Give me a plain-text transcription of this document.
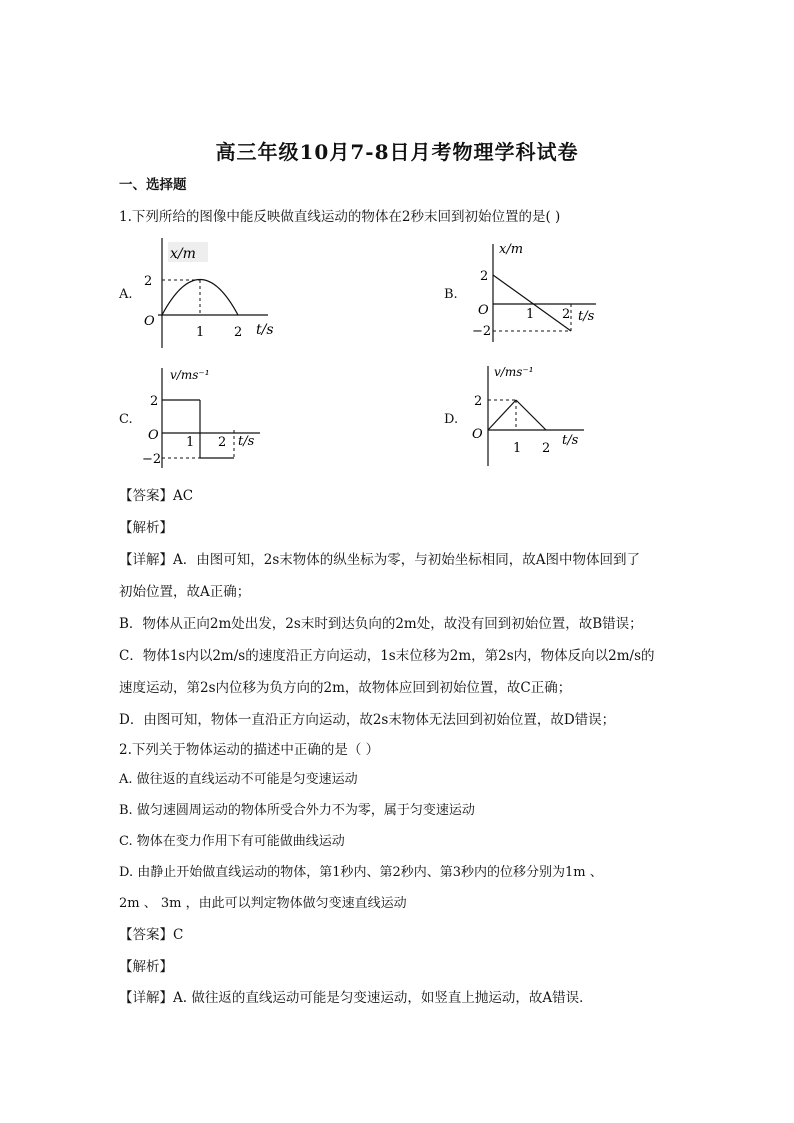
高三年级10月7-8日月考物理学科试卷
一、选择题
1.下列所给的图像中能反映做直线运动的物体在2秒末回到初始位置的是( )
A.
x/m
2
O
1 2 t/s
B.
x/m
2
O
−2
1 2 t/s
C.
v/ms⁻¹
2
O
−2
1 2 t/s
D.
v/ms⁻¹
2
O
1 2
t/s
【答案】AC
【解析】
【详解】A．由图可知，2s末物体的纵坐标为零，与初始坐标相同，故A图中物体回到了
初始位置，故A正确；
B．物体从正向2m处出发，2s末时到达负向的2m处，故没有回到初始位置，故B错误；
C．物体1s内以2m/s的速度沿正方向运动，1s末位移为2m，第2s内，物体反向以2m/s的
速度运动，第2s内位移为负方向的2m，故物体应回到初始位置，故C正确；
D．由图可知，物体一直沿正方向运动，故2s末物体无法回到初始位置，故D错误；
2.下列关于物体运动的描述中正确的是（ ）
A. 做往返的直线运动不可能是匀变速运动
B. 做匀速圆周运动的物体所受合外力不为零，属于匀变速运动
C. 物体在变力作用下有可能做曲线运动
D. 由静止开始做直线运动的物体，第1秒内、第2秒内、第3秒内的位移分别为1m 、
2m 、 3m ，由此可以判定物体做匀变速直线运动
【答案】C
【解析】
【详解】A. 做往返的直线运动可能是匀变速运动，如竖直上抛运动，故A错误．
